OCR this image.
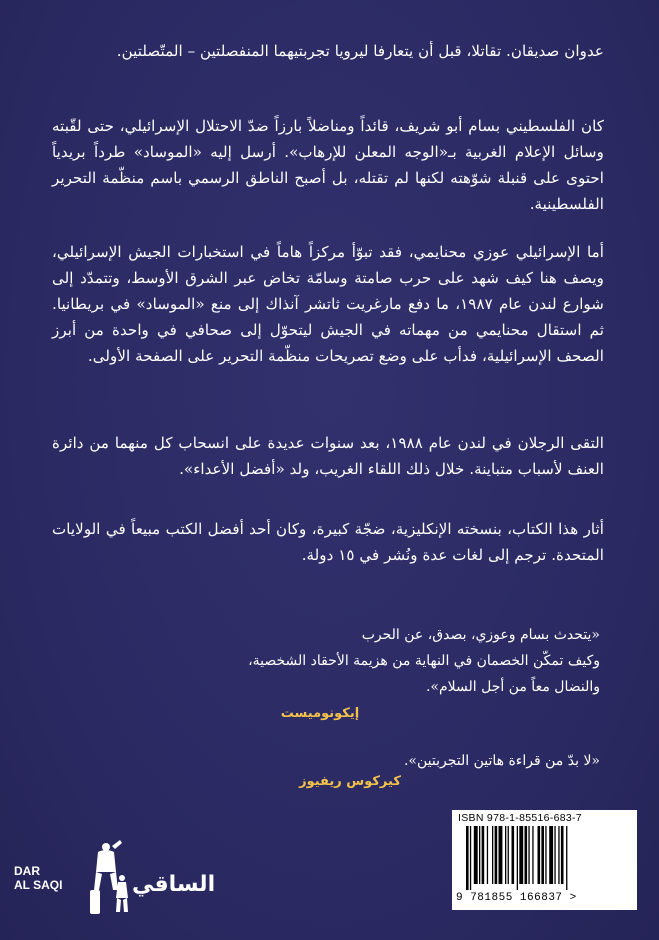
عدوان صديقان. تقاتلا، قبل أن يتعارفا ليرويا تجربتيهما المنفصلتين – المتّصلتين.

كان الفلسطيني بسام أبو شريف، قائداً ومناضلاً بارزاً ضدّ الاحتلال الإسرائيلي، حتى لقّبته وسائل الإعلام الغربية بـ«الوجه المعلن للإرهاب». أرسل إليه «الموساد» طرداً بريدياً احتوى على قنبلة شوّهته لكنها لم تقتله، بل أصبح الناطق الرسمي باسم منظّمة التحرير الفلسطينية.

أما الإسرائيلي عوزي محنايمي، فقد تبوّأ مركزاً هاماً في استخبارات الجيش الإسرائيلي، ويصف هنا كيف شهد على حرب صامتة وسامّة تخاض عبر الشرق الأوسط، وتتمدّد إلى شوارع لندن عام ١٩٨٧، ما دفع مارغريت ثاتشر آنذاك إلى منع «الموساد» في بريطانيا. ثم استقال محنايمي من مهماته في الجيش ليتحوّل إلى صحافي في واحدة من أبرز الصحف الإسرائيلية، فدأب على وضع تصريحات منظّمة التحرير على الصفحة الأولى.

التقى الرجلان في لندن عام ١٩٨٨، بعد سنوات عديدة على انسحاب كل منهما من دائرة العنف لأسباب متباينة. خلال ذلك اللقاء الغريب، ولد «أفضل الأعداء».

أثار هذا الكتاب، بنسخته الإنكليزية، ضجّة كبيرة، وكان أحد أفضل الكتب مبيعاً في الولايات المتحدة. ترجم إلى لغات عدة ونُشر في ١٥ دولة.

«يتحدث بسام وعوزي، بصدق، عن الحرب
وكيف تمكّن الخصمان في النهاية من هزيمة الأحقاد الشخصية،
والنضال معاً من أجل السلام».
إيكونوميست
«لا بدّ من قراءة هاتين التجربتين».
كيركوس ريفيوز
DAR
AL SAQI	الساقي
ISBN 978-1-85516-683-7
9 781855 166837 >
